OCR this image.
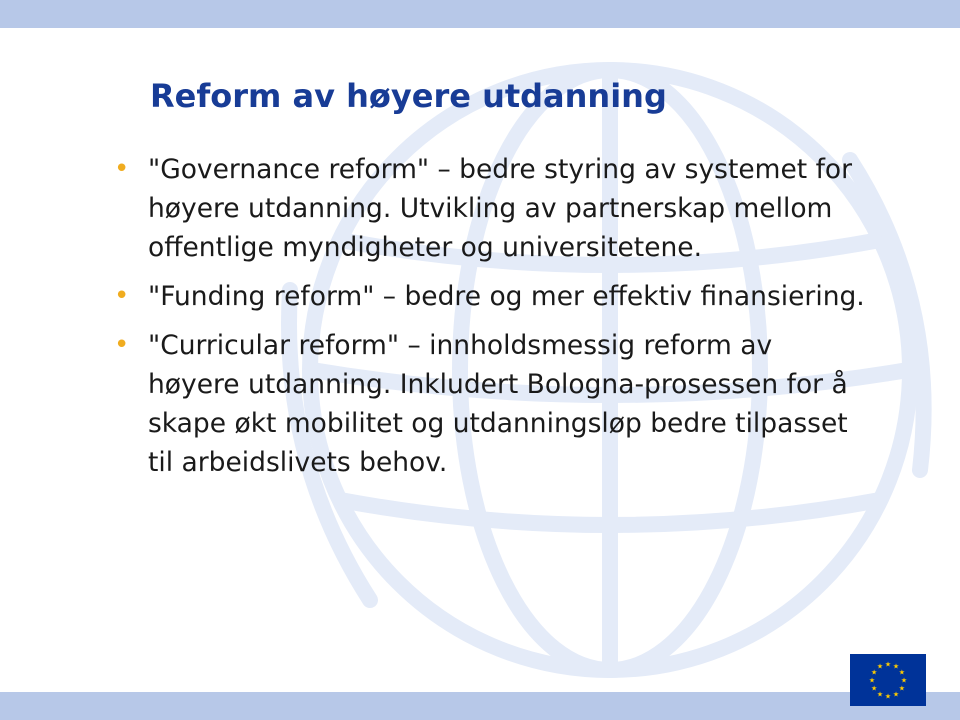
Reform av høyere utdanning
• "Governance reform" – bedre styring av systemet for høyere utdanning. Utvikling av partnerskap mellom offentlige myndigheter og universitetene.
• "Funding reform" – bedre og mer effektiv finansiering.
• "Curricular reform" – innholdsmessig reform av høyere utdanning. Inkludert Bologna-prosessen for å skape økt mobilitet og utdanningsløp bedre tilpasset til arbeidslivets behov.
★ ★
★
★
★
★
★
★
★
★
★
★
